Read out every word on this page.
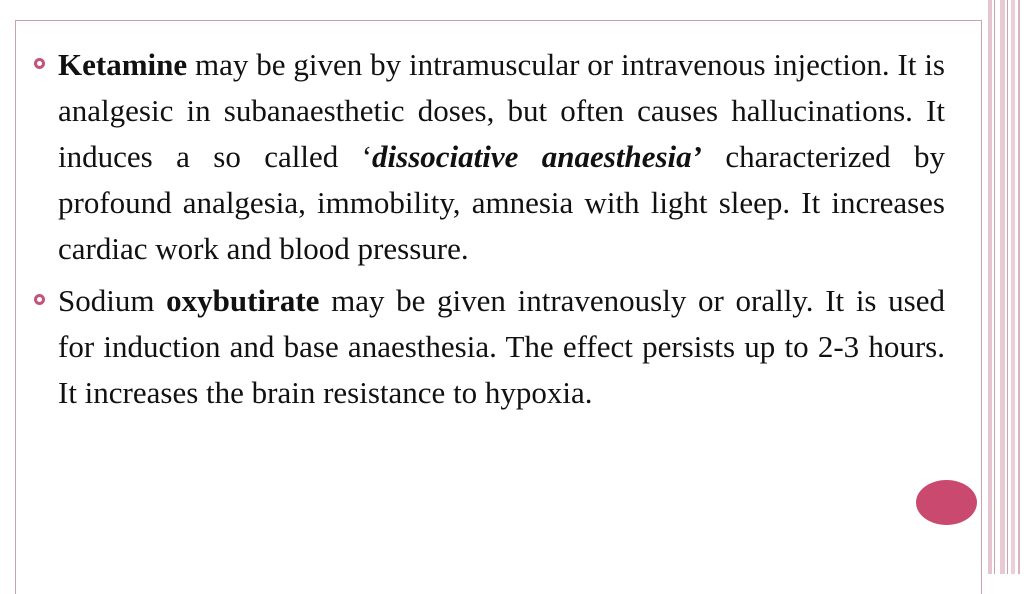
Ketamine may be given by intramuscular or intravenous injection. It is analgesic in subanaesthetic doses, but often causes hallucinations. It induces a so called ‘dissociative anaesthesia’ characterized by profound analgesia, immobility, amnesia with light sleep. It increases cardiac work and blood pressure.
Sodium oxybutirate may be given intravenously or orally. It is used for induction and base anaesthesia. The effect persists up to 2-3 hours. It increases the brain resistance to hypoxia.
